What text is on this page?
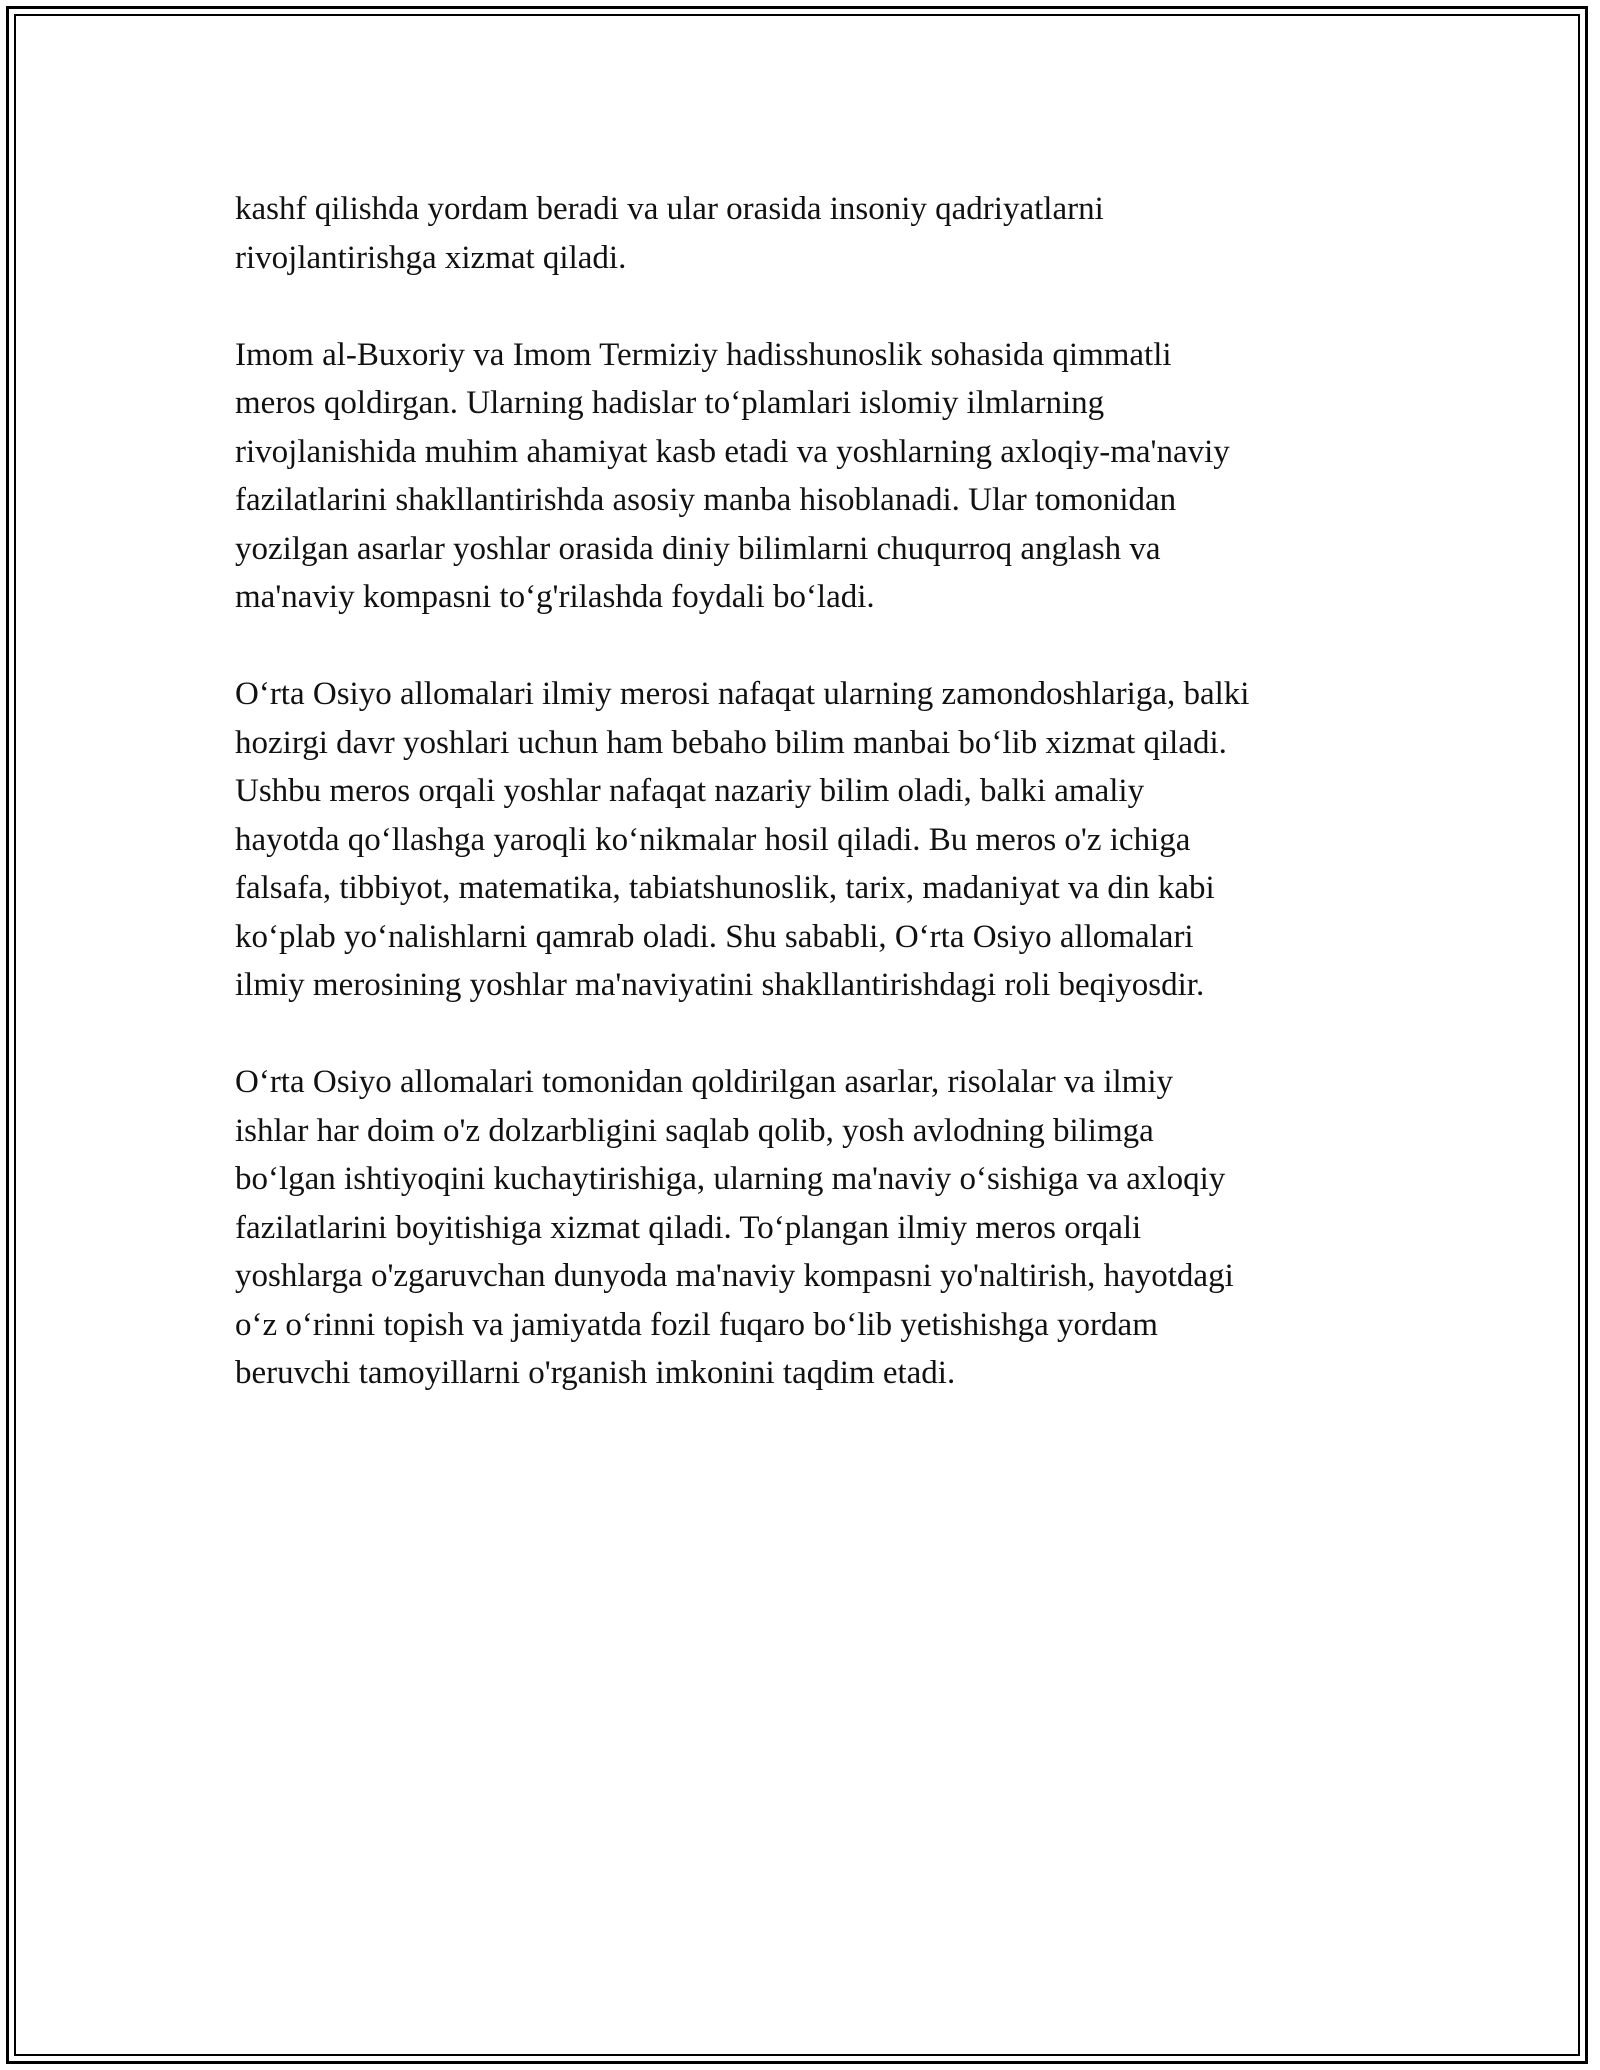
kashf qilishda yordam beradi va ular orasida insoniy qadriyatlarni
rivojlantirishga xizmat qiladi.

Imom al-Buxoriy va Imom Termiziy hadisshunoslik sohasida qimmatli
meros qoldirgan. Ularning hadislar to‘plamlari islomiy ilmlarning
rivojlanishida muhim ahamiyat kasb etadi va yoshlarning axloqiy-ma'naviy
fazilatlarini shakllantirishda asosiy manba hisoblanadi. Ular tomonidan
yozilgan asarlar yoshlar orasida diniy bilimlarni chuqurroq anglash va
ma'naviy kompasni to‘g'rilashda foydali bo‘ladi.

O‘rta Osiyo allomalari ilmiy merosi nafaqat ularning zamondoshlariga, balki
hozirgi davr yoshlari uchun ham bebaho bilim manbai bo‘lib xizmat qiladi.
Ushbu meros orqali yoshlar nafaqat nazariy bilim oladi, balki amaliy
hayotda qo‘llashga yaroqli ko‘nikmalar hosil qiladi. Bu meros o'z ichiga
falsafa, tibbiyot, matematika, tabiatshunoslik, tarix, madaniyat va din kabi
ko‘plab yo‘nalishlarni qamrab oladi. Shu sababli, O‘rta Osiyo allomalari
ilmiy merosining yoshlar ma'naviyatini shakllantirishdagi roli beqiyosdir.

O‘rta Osiyo allomalari tomonidan qoldirilgan asarlar, risolalar va ilmiy
ishlar har doim o'z dolzarbligini saqlab qolib, yosh avlodning bilimga
bo‘lgan ishtiyoqini kuchaytirishiga, ularning ma'naviy o‘sishiga va axloqiy
fazilatlarini boyitishiga xizmat qiladi. To‘plangan ilmiy meros orqali
yoshlarga o'zgaruvchan dunyoda ma'naviy kompasni yo'naltirish, hayotdagi
o‘z o‘rinni topish va jamiyatda fozil fuqaro bo‘lib yetishishga yordam
beruvchi tamoyillarni o'rganish imkonini taqdim etadi.
